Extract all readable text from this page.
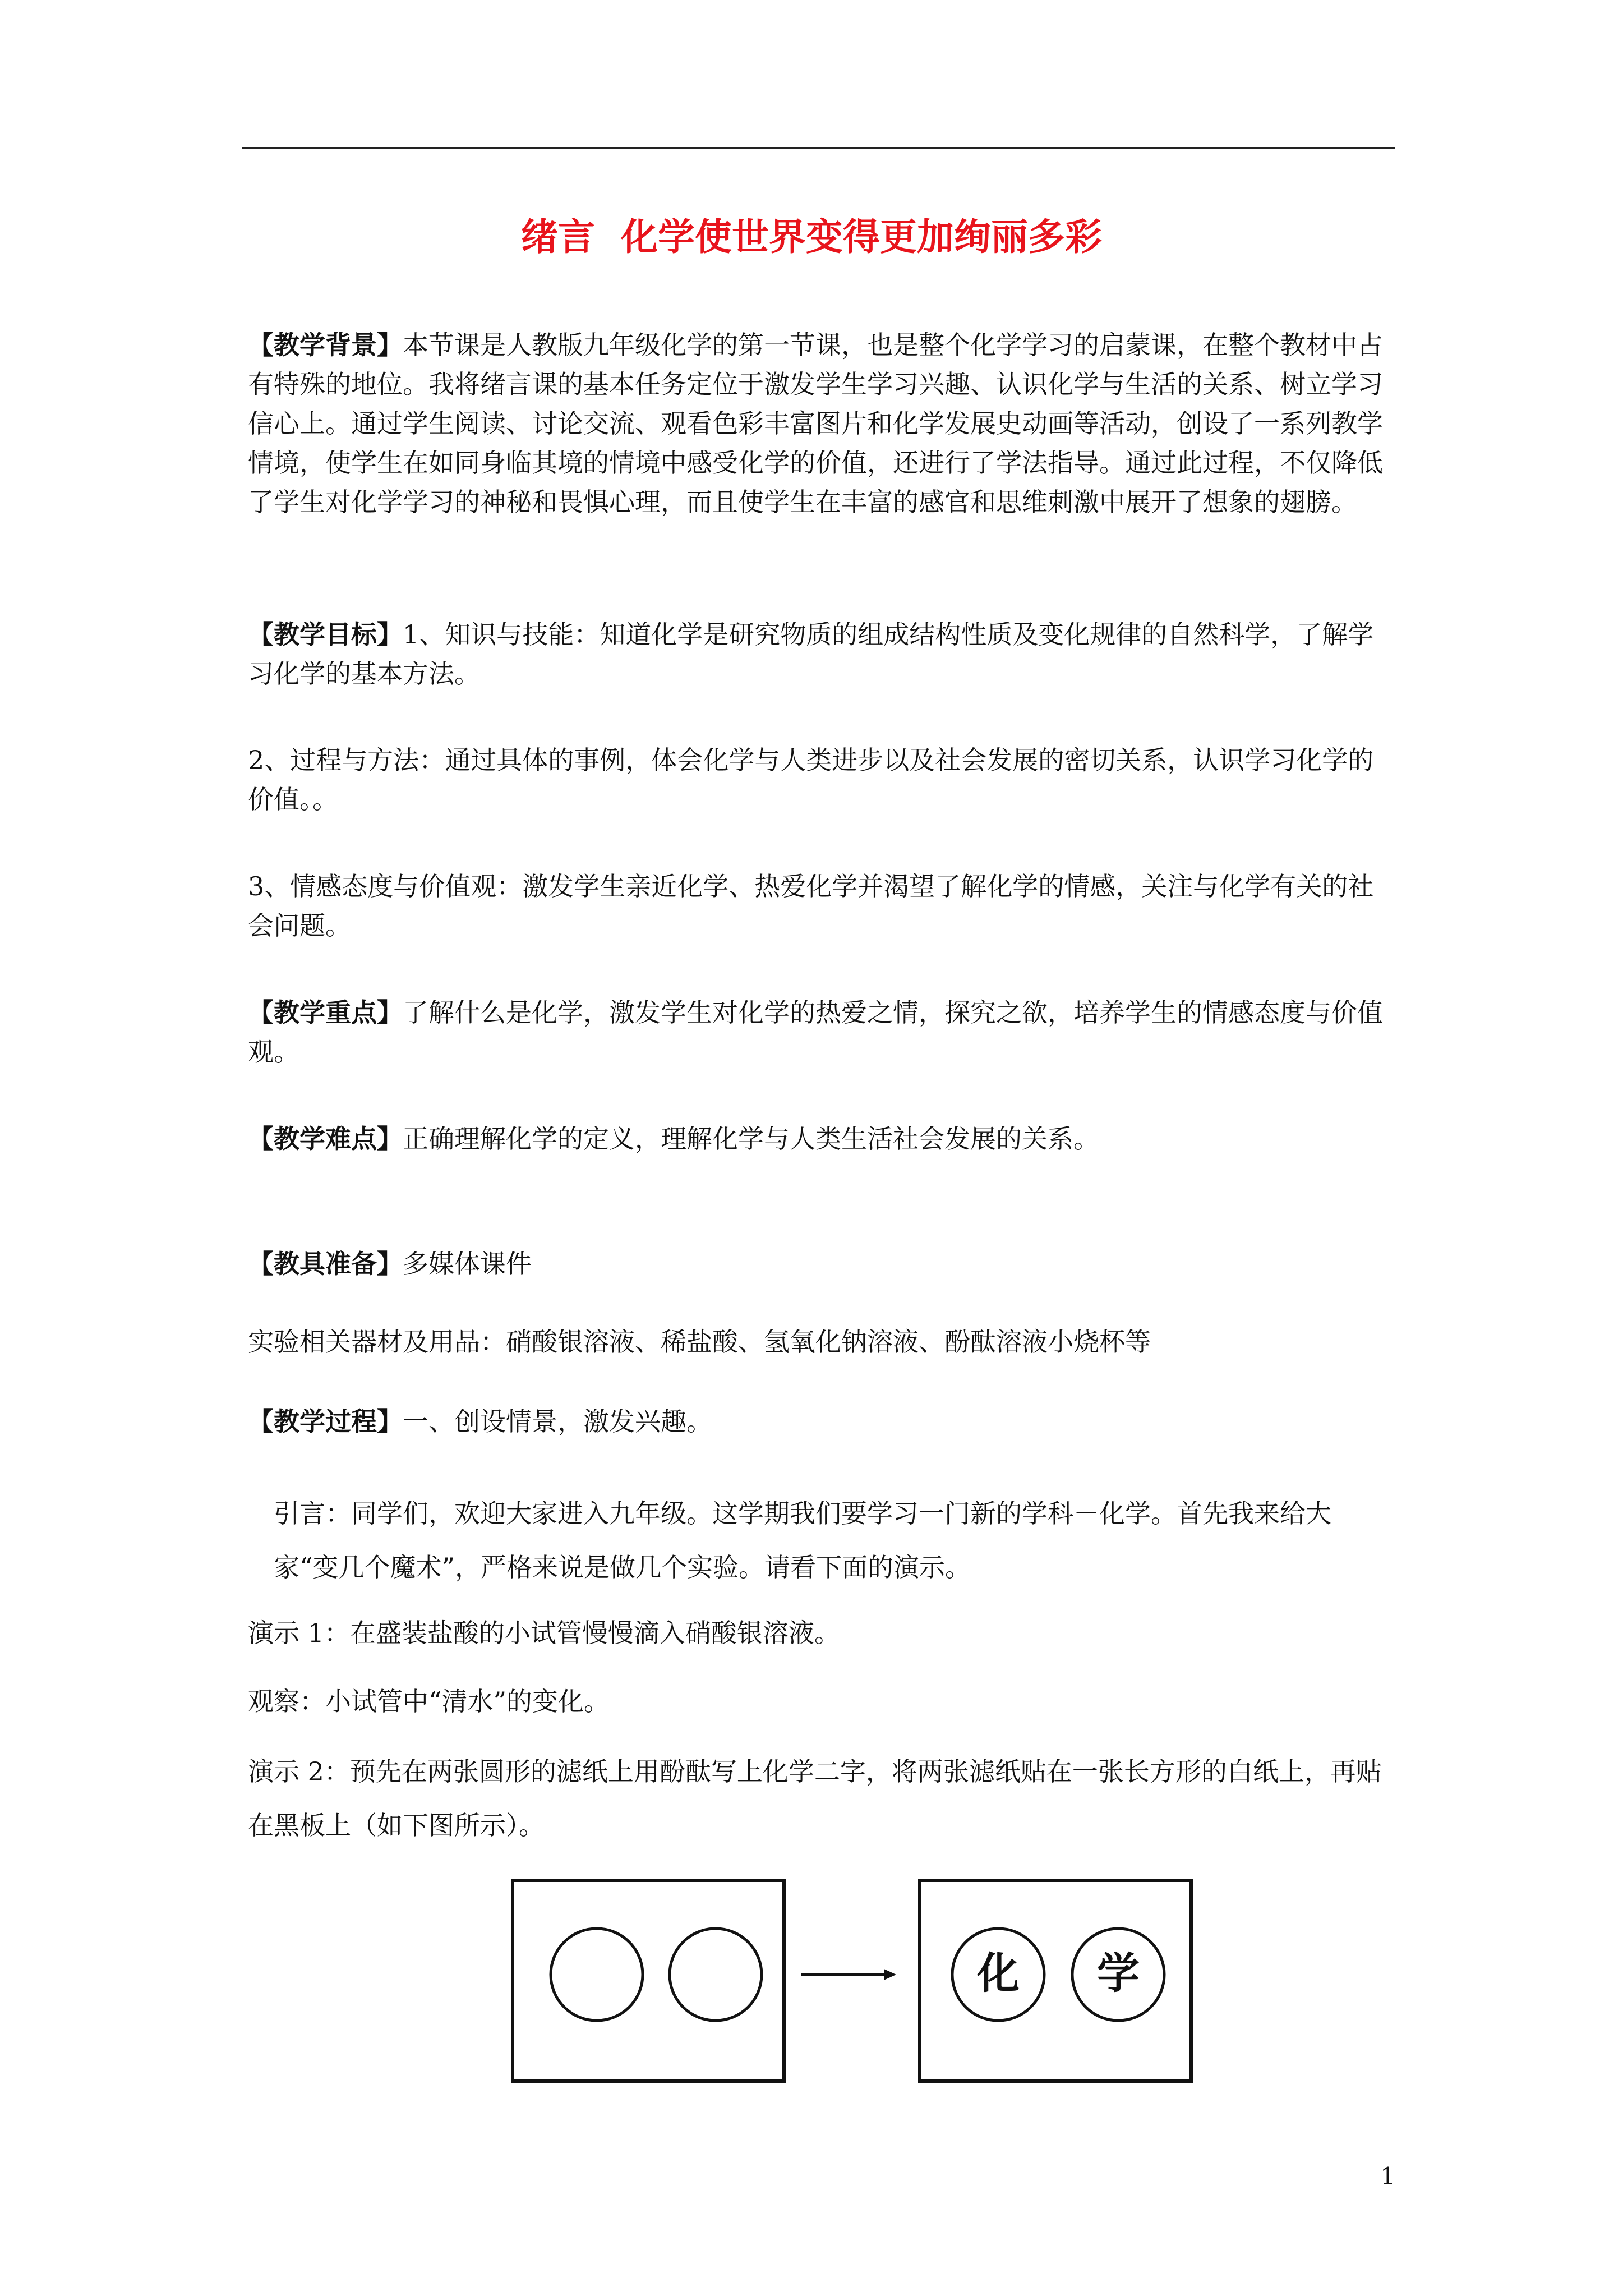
绪言  化学使世界变得更加绚丽多彩

【教学背景】本节课是人教版九年级化学的第一节课，也是整个化学学习的启蒙课，在整个教材中占有特殊的地位。我将绪言课的基本任务定位于激发学生学习兴趣、认识化学与生活的关系、树立学习信心上。通过学生阅读、讨论交流、观看色彩丰富图片和化学发展史动画等活动，创设了一系列教学情境，使学生在如同身临其境的情境中感受化学的价值，还进行了学法指导。通过此过程，不仅降低了学生对化学学习的神秘和畏惧心理，而且使学生在丰富的感官和思维刺激中展开了想象的翅膀。

【教学目标】1、知识与技能：知道化学是研究物质的组成结构性质及变化规律的自然科学，了解学习化学的基本方法。

2、过程与方法：通过具体的事例，体会化学与人类进步以及社会发展的密切关系，认识学习化学的价值。。

3、情感态度与价值观：激发学生亲近化学、热爱化学并渴望了解化学的情感，关注与化学有关的社会问题。

【教学重点】了解什么是化学，激发学生对化学的热爱之情，探究之欲，培养学生的情感态度与价值观。

【教学难点】正确理解化学的定义，理解化学与人类生活社会发展的关系。

【教具准备】多媒体课件

实验相关器材及用品：硝酸银溶液、稀盐酸、氢氧化钠溶液、酚酞溶液小烧杯等

【教学过程】一、创设情景，激发兴趣。

引言：同学们，欢迎大家进入九年级。这学期我们要学习一门新的学科－化学。首先我来给大家“变几个魔术”，严格来说是做几个实验。请看下面的演示。

演示 1：在盛装盐酸的小试管慢慢滴入硝酸银溶液。

观察：小试管中“清水”的变化。

演示 2：预先在两张圆形的滤纸上用酚酞写上化学二字，将两张滤纸贴在一张长方形的白纸上，再贴在黑板上（如下图所示）。

化 学
1
